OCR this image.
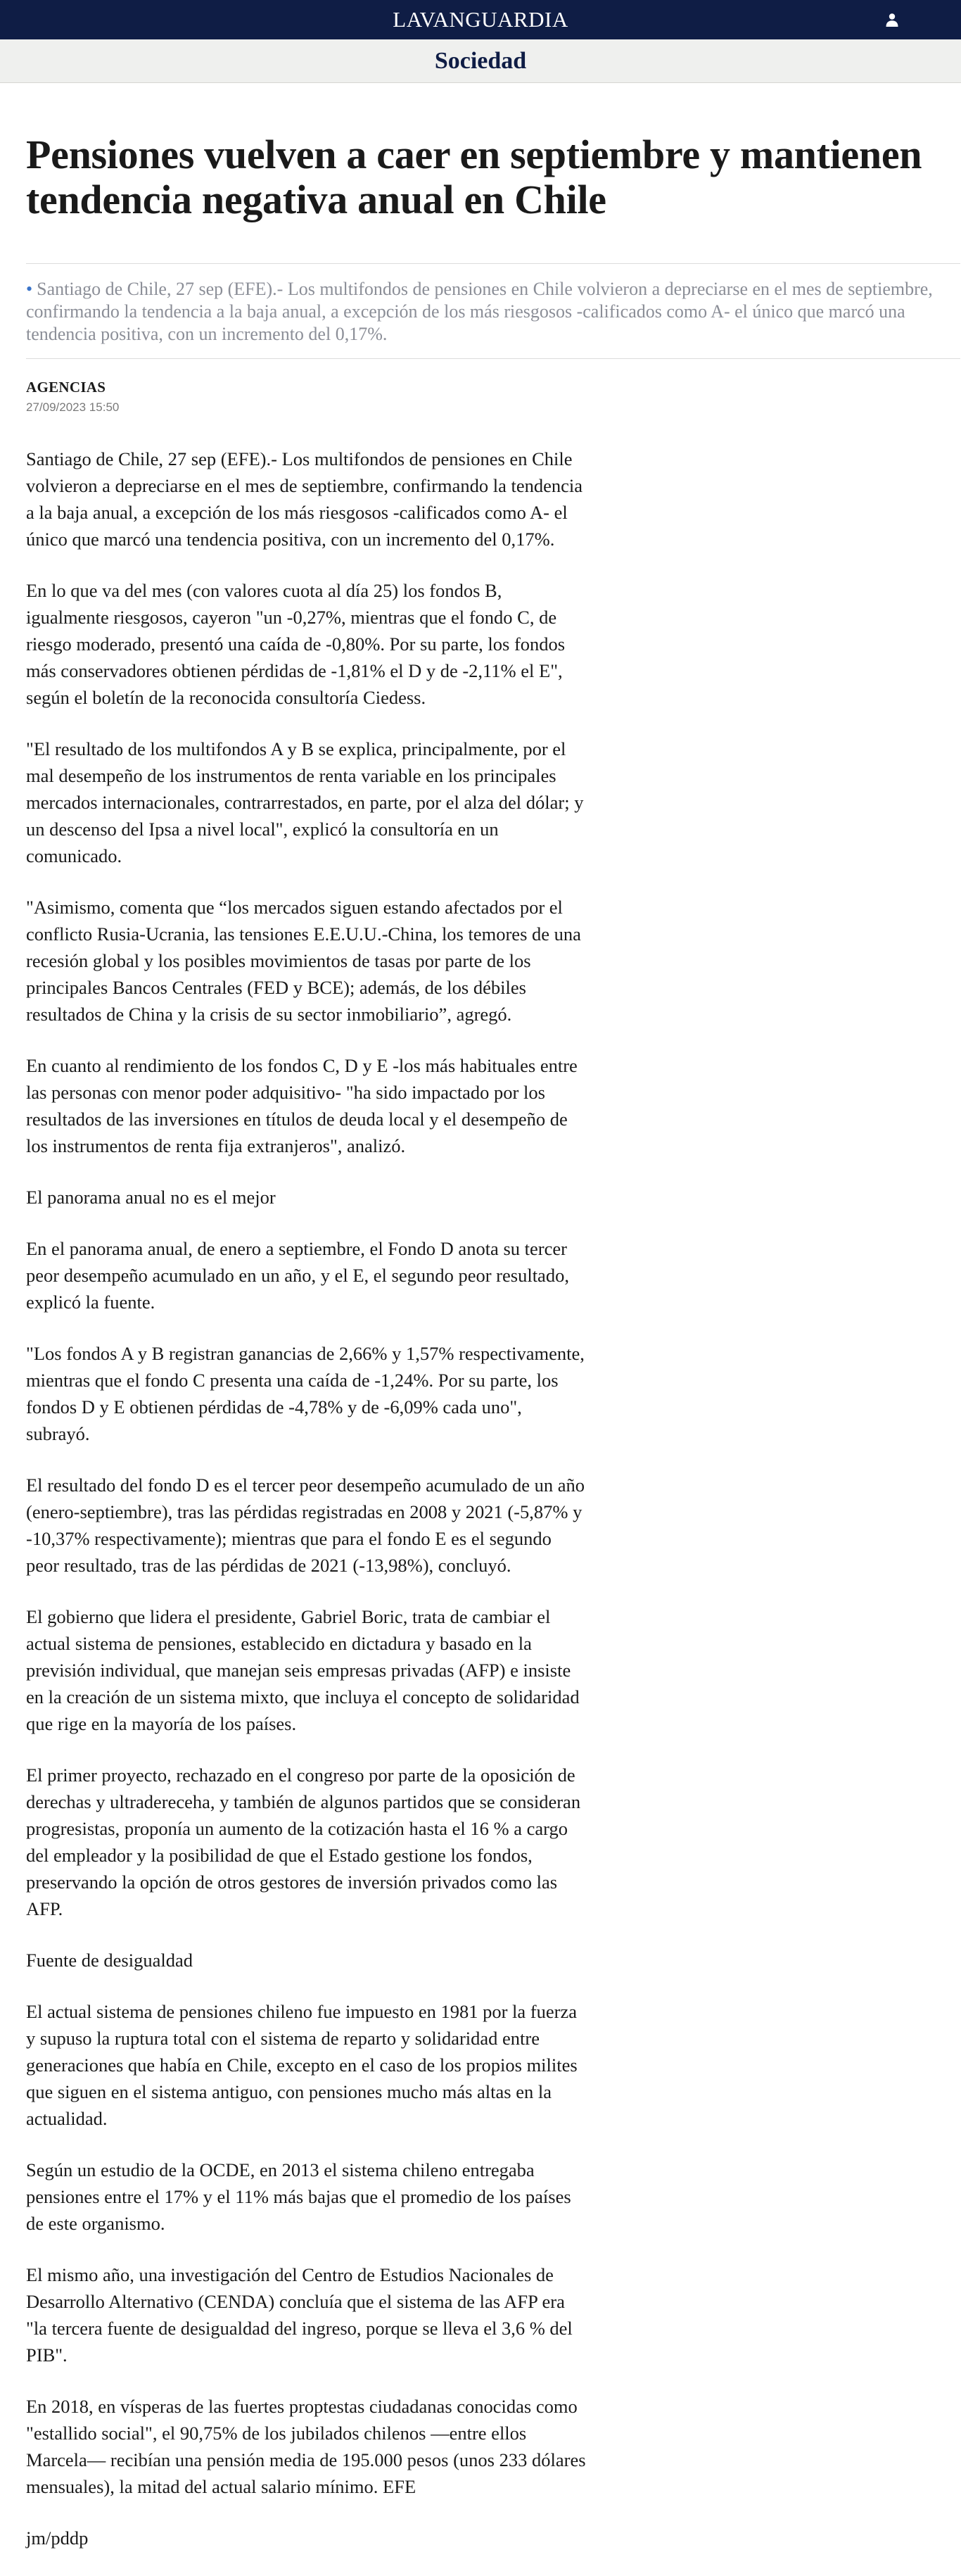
LAVANGUARDIA
Sociedad
Pensiones vuelven a caer en septiembre y mantienen tendencia negativa anual en Chile
• Santiago de Chile, 27 sep (EFE).- Los multifondos de pensiones en Chile volvieron a depreciarse en el mes de septiembre, confirmando la tendencia a la baja anual, a excepción de los más riesgosos -calificados como A- el único que marcó una tendencia positiva, con un incremento del 0,17%.
AGENCIAS
27/09/2023 15:50

Santiago de Chile, 27 sep (EFE).- Los multifondos de pensiones en Chile volvieron a depreciarse en el mes de septiembre, confirmando la tendencia a la baja anual, a excepción de los más riesgosos -calificados como A- el único que marcó una tendencia positiva, con un incremento del 0,17%.

En lo que va del mes (con valores cuota al día 25) los fondos B, igualmente riesgosos, cayeron "un -0,27%, mientras que el fondo C, de riesgo moderado, presentó una caída de -0,80%. Por su parte, los fondos más conservadores obtienen pérdidas de -1,81% el D y de -2,11% el E", según el boletín de la reconocida consultoría Ciedess.

"El resultado de los multifondos A y B se explica, principalmente, por el mal desempeño de los instrumentos de renta variable en los principales mercados internacionales, contrarrestados, en parte, por el alza del dólar; y un descenso del Ipsa a nivel local", explicó la consultoría en un comunicado.

"Asimismo, comenta que “los mercados siguen estando afectados por el conflicto Rusia-Ucrania, las tensiones E.E.U.U.-China, los temores de una recesión global y los posibles movimientos de tasas por parte de los principales Bancos Centrales (FED y BCE); además, de los débiles resultados de China y la crisis de su sector inmobiliario”, agregó.

En cuanto al rendimiento de los fondos C, D y E -los más habituales entre las personas con menor poder adquisitivo- "ha sido impactado por los resultados de las inversiones en títulos de deuda local y el desempeño de los instrumentos de renta fija extranjeros", analizó.

El panorama anual no es el mejor

En el panorama anual, de enero a septiembre, el Fondo D anota su tercer peor desempeño acumulado en un año, y el E, el segundo peor resultado, explicó la fuente.

"Los fondos A y B registran ganancias de 2,66% y 1,57% respectivamente, mientras que el fondo C presenta una caída de -1,24%. Por su parte, los fondos D y E obtienen pérdidas de -4,78% y de -6,09% cada uno", subrayó.

El resultado del fondo D es el tercer peor desempeño acumulado de un año (enero-septiembre), tras las pérdidas registradas en 2008 y 2021 (-5,87% y -10,37% respectivamente); mientras que para el fondo E es el segundo peor resultado, tras de las pérdidas de 2021 (-13,98%), concluyó.

El gobierno que lidera el presidente, Gabriel Boric, trata de cambiar el actual sistema de pensiones, establecido en dictadura y basado en la previsión individual, que manejan seis empresas privadas (AFP) e insiste en la creación de un sistema mixto, que incluya el concepto de solidaridad que rige en la mayoría de los países.

El primer proyecto, rechazado en el congreso por parte de la oposición de derechas y ultradereceha, y también de algunos partidos que se consideran progresistas, proponía un aumento de la cotización hasta el 16 % a cargo del empleador y la posibilidad de que el Estado gestione los fondos, preservando la opción de otros gestores de inversión privados como las AFP.

Fuente de desigualdad

El actual sistema de pensiones chileno fue impuesto en 1981 por la fuerza y supuso la ruptura total con el sistema de reparto y solidaridad entre generaciones que había en Chile, excepto en el caso de los propios milites que siguen en el sistema antiguo, con pensiones mucho más altas en la actualidad.

Según un estudio de la OCDE, en 2013 el sistema chileno entregaba pensiones entre el 17% y el 11% más bajas que el promedio de los países de este organismo.

El mismo año, una investigación del Centro de Estudios Nacionales de Desarrollo Alternativo (CENDA) concluía que el sistema de las AFP era "la tercera fuente de desigualdad del ingreso, porque se lleva el 3,6 % del PIB".

En 2018, en vísperas de las fuertes proptestas ciudadanas conocidas como "estallido social", el 90,75% de los jubilados chilenos —entre ellos Marcela— recibían una pensión media de 195.000 pesos (unos 233 dólares mensuales), la mitad del actual salario mínimo. EFE

jm/pddp
